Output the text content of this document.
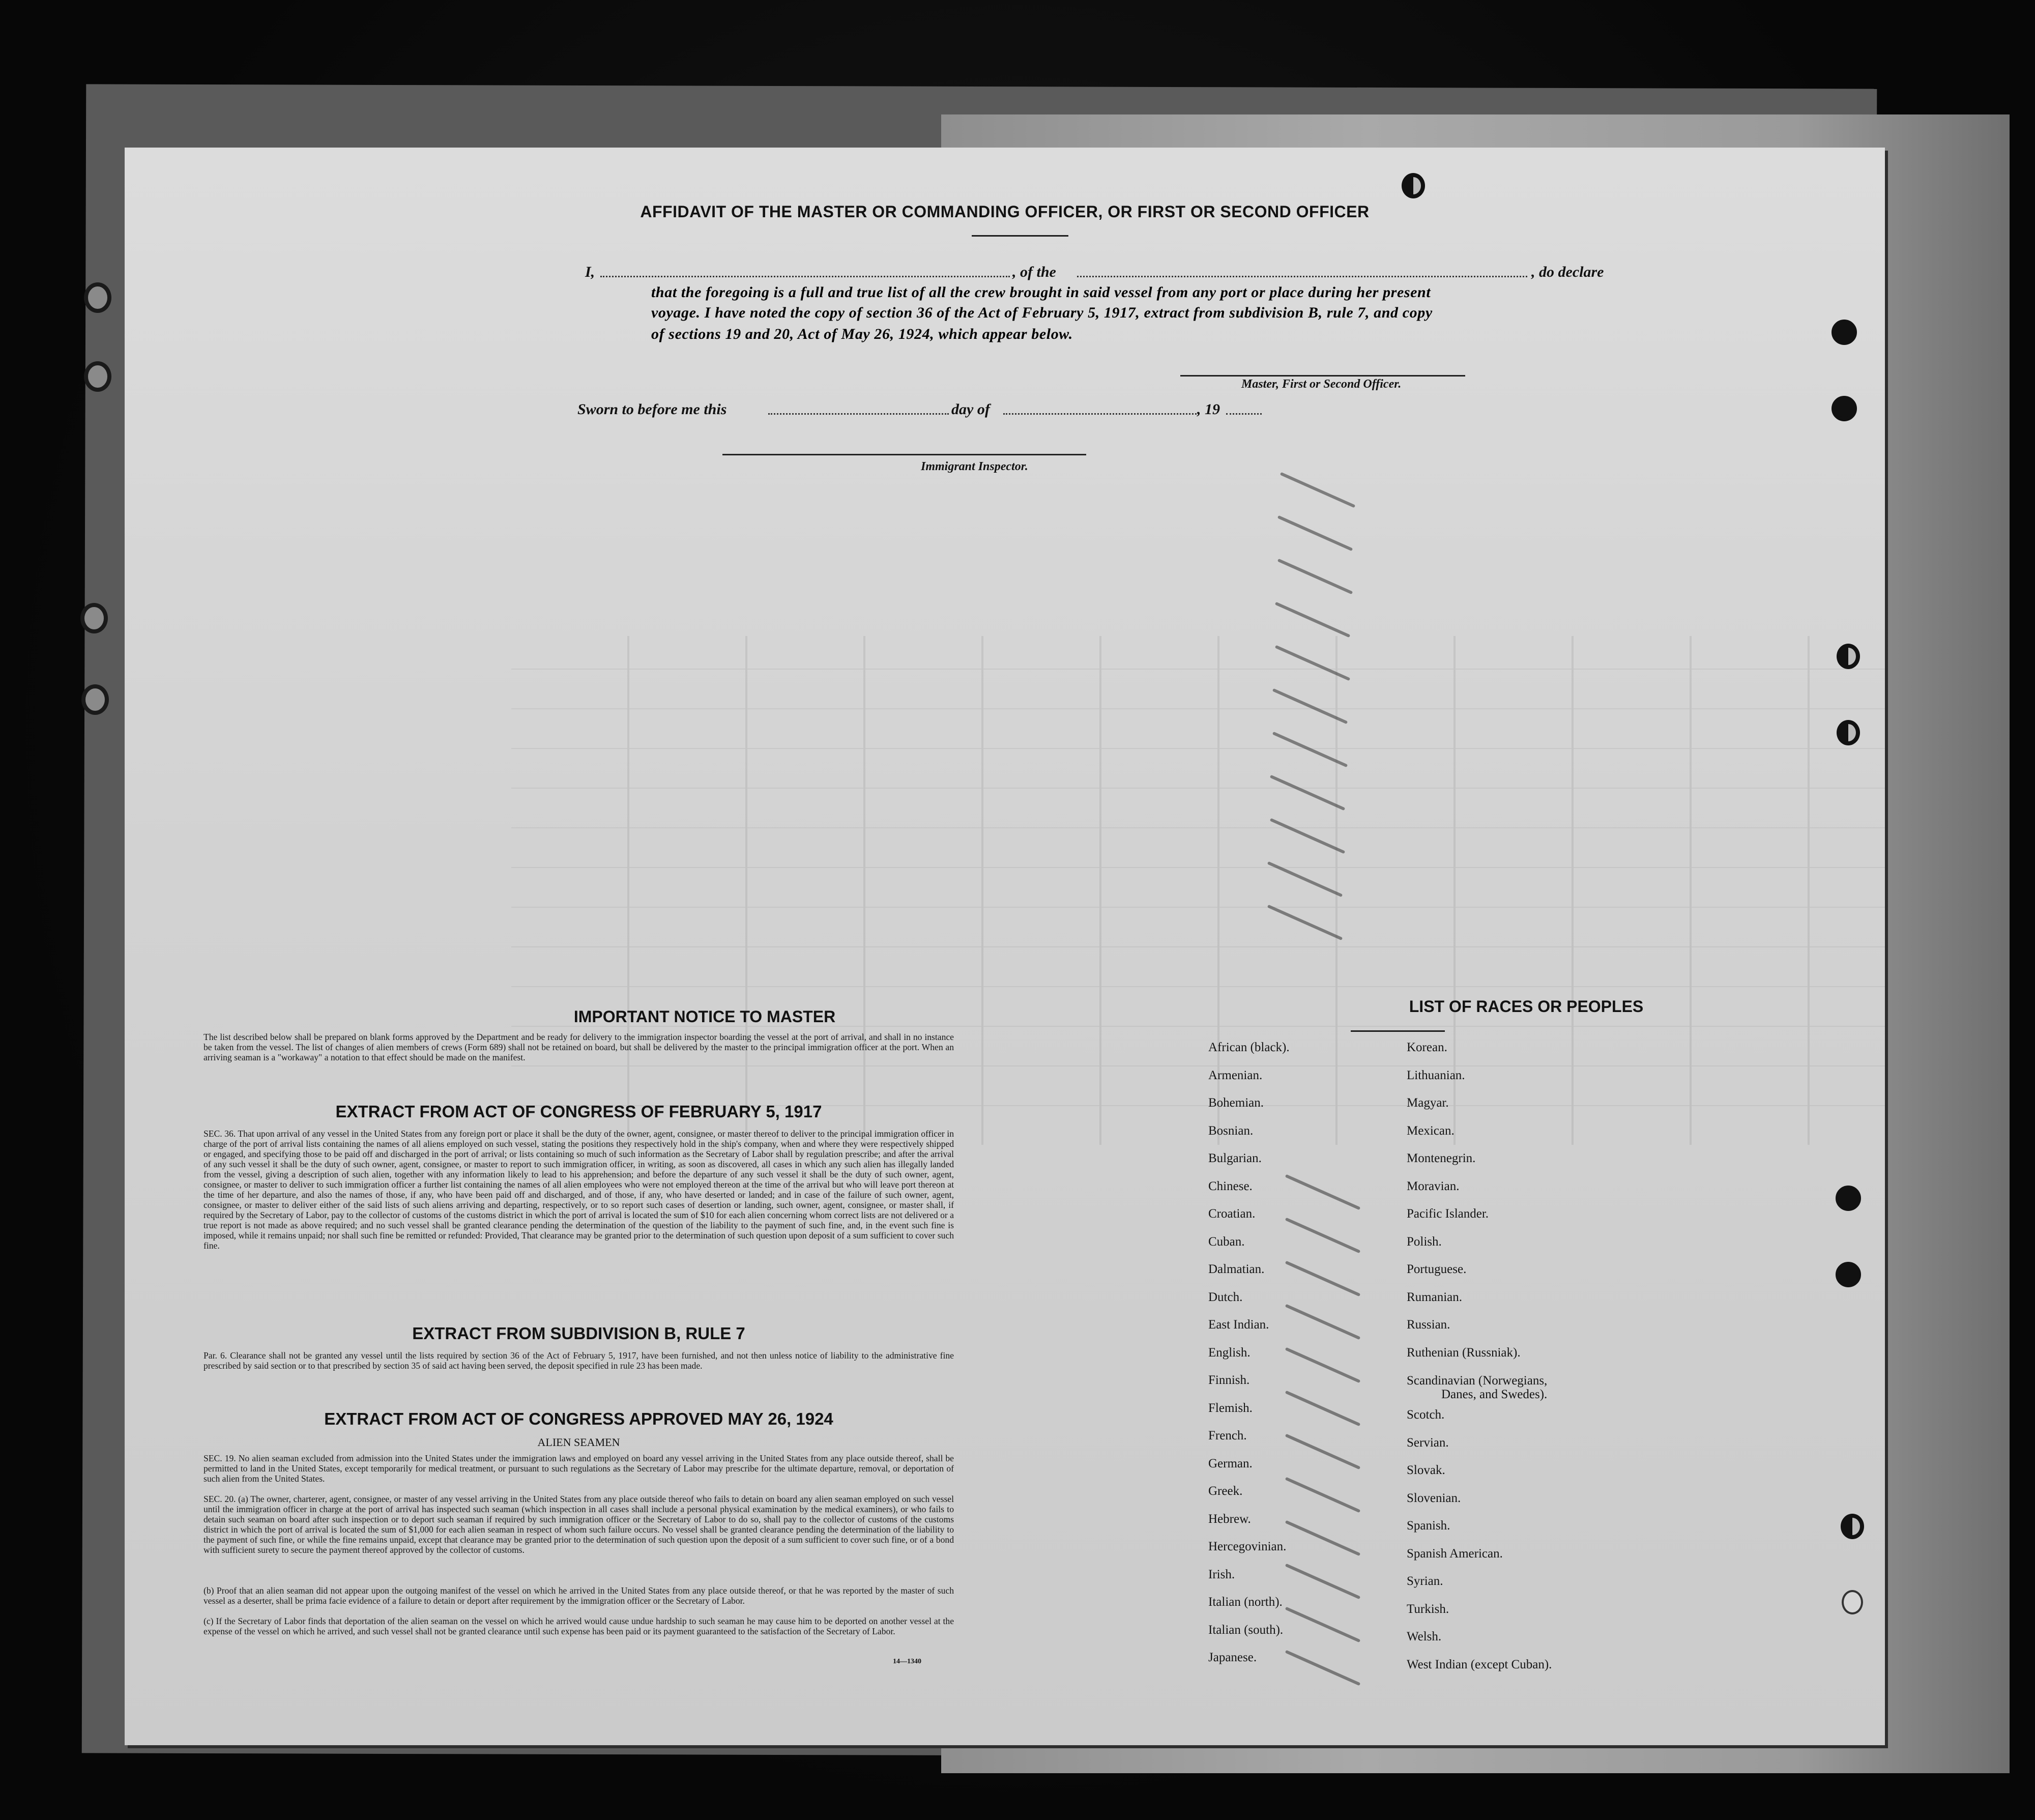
AFFIDAVIT OF THE MASTER OR COMMANDING OFFICER, OR FIRST OR SECOND OFFICER
I,	, of the	, do declare
that the foregoing is a full and true list of all the crew brought in said vessel from any port or place during her present
voyage. I have noted the copy of section 36 of the Act of February 5, 1917, extract from subdivision B, rule 7, and copy
of sections 19 and 20, Act of May 26, 1924, which appear below.
Master, First or Second Officer.
Sworn to before me this	day of	, 19
Immigrant Inspector.
IMPORTANT NOTICE TO MASTER
The list described below shall be prepared on blank forms approved by the Department and be ready for delivery to the immigration inspector boarding the vessel at the port of arrival, and shall in no instance be taken from the vessel. The list of changes of alien members of crews (Form 689) shall not be retained on board, but shall be delivered by the master to the principal immigration officer at the port. When an arriving seaman is a "workaway" a notation to that effect should be made on the manifest.
EXTRACT FROM ACT OF CONGRESS OF FEBRUARY 5, 1917
SEC. 36. That upon arrival of any vessel in the United States from any foreign port or place it shall be the duty of the owner, agent, consignee, or master thereof to deliver to the principal immigration officer in charge of the port of arrival lists containing the names of all aliens employed on such vessel, stating the positions they respectively hold in the ship's company, when and where they were respectively shipped or engaged, and specifying those to be paid off and discharged in the port of arrival; or lists containing so much of such information as the Secretary of Labor shall by regulation prescribe; and after the arrival of any such vessel it shall be the duty of such owner, agent, consignee, or master to report to such immigration officer, in writing, as soon as discovered, all cases in which any such alien has illegally landed from the vessel, giving a description of such alien, together with any information likely to lead to his apprehension; and before the departure of any such vessel it shall be the duty of such owner, agent, consignee, or master to deliver to such immigration officer a further list containing the names of all alien employees who were not employed thereon at the time of the arrival but who will leave port thereon at the time of her departure, and also the names of those, if any, who have been paid off and discharged, and of those, if any, who have deserted or landed; and in case of the failure of such owner, agent, consignee, or master to deliver either of the said lists of such aliens arriving and departing, respectively, or to so report such cases of desertion or landing, such owner, agent, consignee, or master shall, if required by the Secretary of Labor, pay to the collector of customs of the customs district in which the port of arrival is located the sum of $10 for each alien concerning whom correct lists are not delivered or a true report is not made as above required; and no such vessel shall be granted clearance pending the determination of the question of the liability to the payment of such fine, and, in the event such fine is imposed, while it remains unpaid; nor shall such fine be remitted or refunded: Provided, That clearance may be granted prior to the determination of such question upon deposit of a sum sufficient to cover such fine.
EXTRACT FROM SUBDIVISION B, RULE 7
Par. 6. Clearance shall not be granted any vessel until the lists required by section 36 of the Act of February 5, 1917, have been furnished, and not then unless notice of liability to the administrative fine prescribed by said section or to that prescribed by section 35 of said act having been served, the deposit specified in rule 23 has been made.
EXTRACT FROM ACT OF CONGRESS APPROVED MAY 26, 1924
ALIEN SEAMEN
SEC. 19. No alien seaman excluded from admission into the United States under the immigration laws and employed on board any vessel arriving in the United States from any place outside thereof, shall be permitted to land in the United States, except temporarily for medical treatment, or pursuant to such regulations as the Secretary of Labor may prescribe for the ultimate departure, removal, or deportation of such alien from the United States.
SEC. 20. (a) The owner, charterer, agent, consignee, or master of any vessel arriving in the United States from any place outside thereof who fails to detain on board any alien seaman employed on such vessel until the immigration officer in charge at the port of arrival has inspected such seaman (which inspection in all cases shall include a personal physical examination by the medical examiners), or who fails to detain such seaman on board after such inspection or to deport such seaman if required by such immigration officer or the Secretary of Labor to do so, shall pay to the collector of customs of the customs district in which the port of arrival is located the sum of $1,000 for each alien seaman in respect of whom such failure occurs. No vessel shall be granted clearance pending the determination of the liability to the payment of such fine, or while the fine remains unpaid, except that clearance may be granted prior to the determination of such question upon the deposit of a sum sufficient to cover such fine, or of a bond with sufficient surety to secure the payment thereof approved by the collector of customs.
(b) Proof that an alien seaman did not appear upon the outgoing manifest of the vessel on which he arrived in the United States from any place outside thereof, or that he was reported by the master of such vessel as a deserter, shall be prima facie evidence of a failure to detain or deport after requirement by the immigration officer or the Secretary of Labor.
(c) If the Secretary of Labor finds that deportation of the alien seaman on the vessel on which he arrived would cause undue hardship to such seaman he may cause him to be deported on another vessel at the expense of the vessel on which he arrived, and such vessel shall not be granted clearance until such expense has been paid or its payment guaranteed to the satisfaction of the Secretary of Labor.
14—1340
LIST OF RACES OR PEOPLES
African (black).
Armenian.
Bohemian.
Bosnian.
Bulgarian.
Chinese.
Croatian.
Cuban.
Dalmatian.
Dutch.
East Indian.
English.
Finnish.
Flemish.
French.
German.
Greek.
Hebrew.
Hercegovinian.
Irish.
Italian (north).
Italian (south).
Japanese.
Korean.
Lithuanian.
Magyar.
Mexican.
Montenegrin.
Moravian.
Pacific Islander.
Polish.
Portuguese.
Rumanian.
Russian.
Ruthenian (Russniak).
Scandinavian (Norwegians,
Danes, and Swedes).
Scotch.
Servian.
Slovak.
Slovenian.
Spanish.
Spanish American.
Syrian.
Turkish.
Welsh.
West Indian (except Cuban).
